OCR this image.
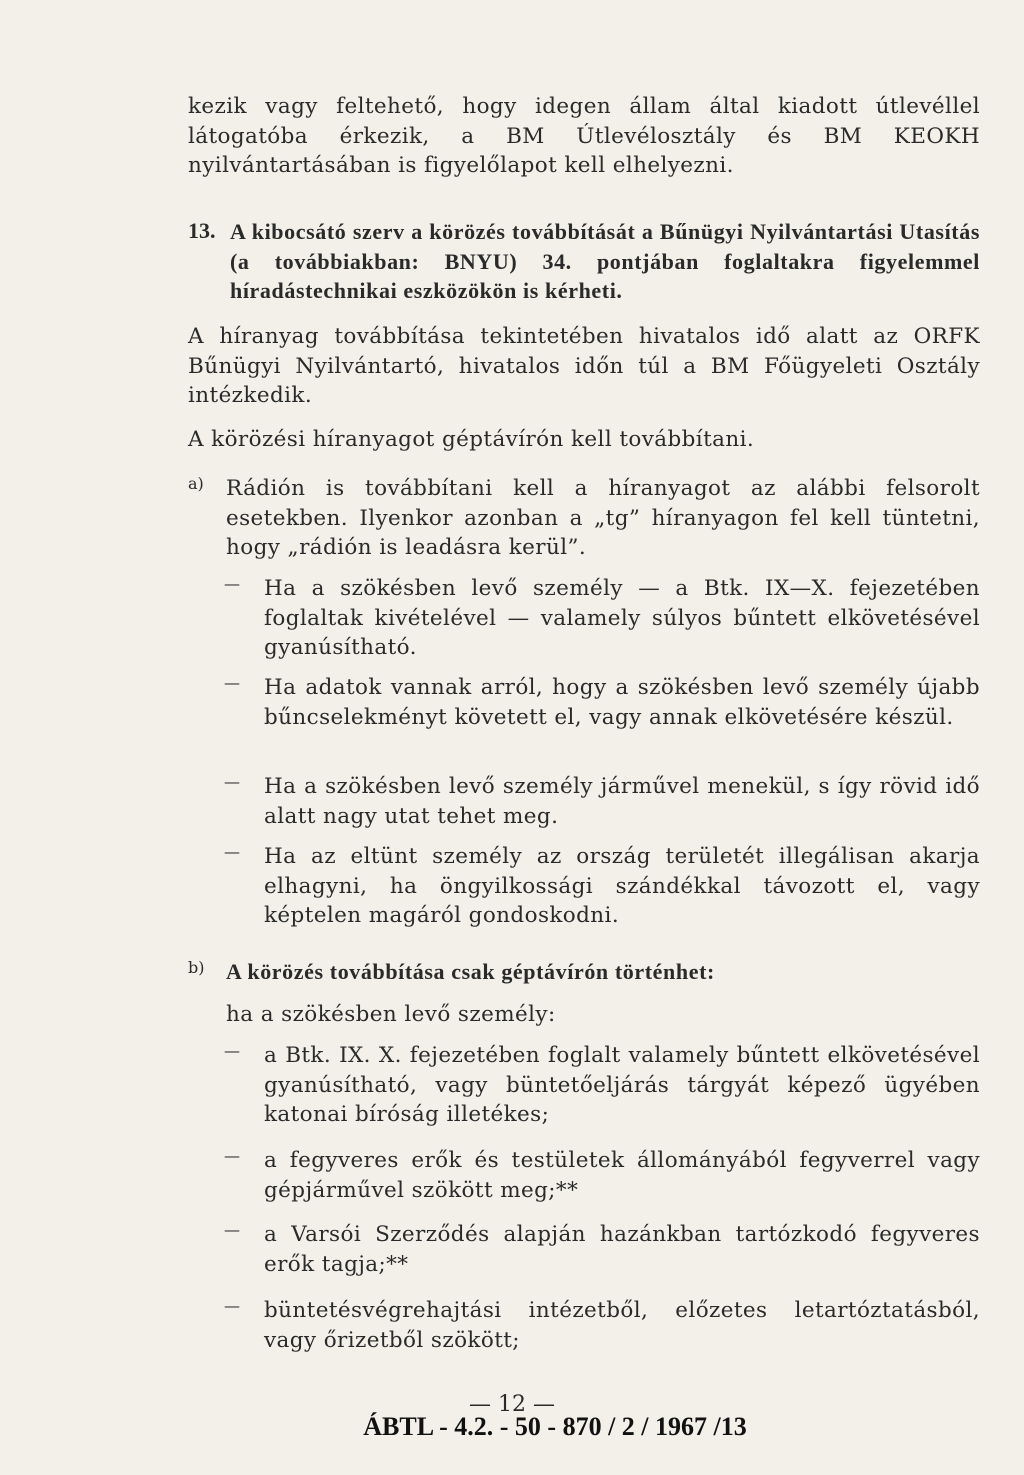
kezik vagy feltehető, hogy idegen állam által kiadott útlevéllel látogatóba érkezik, a BM Útlevélosztály és BM KEOKH nyilvántartásában is figyelőlapot kell elhelyezni.

13. A kibocsátó szerv a körözés továbbítását a Bűnügyi Nyilvántartási Utasítás (a továbbiakban: BNYU) 34. pontjában foglaltakra figyelemmel híradástechnikai eszközökön is kérheti.

A híranyag továbbítása tekintetében hivatalos idő alatt az ORFK Bűnügyi Nyilvántartó, hivatalos időn túl a BM Főügyeleti Osztály intézkedik.

A körözési híranyagot géptávírón kell továbbítani.

a) Rádión is továbbítani kell a híranyagot az alábbi felsorolt esetekben. Ilyenkor azonban a „tg” híranyagon fel kell tüntetni, hogy „rádión is leadásra kerül”.

—	Ha a szökésben levő személy — a Btk. IX—X. fejezetében foglaltak kivételével — valamely súlyos bűntett elkövetésével gyanúsítható.
—	Ha adatok vannak arról, hogy a szökésben levő személy újabb bűncselekményt követett el, vagy annak elkövetésére készül.
—	Ha a szökésben levő személy járművel menekül, s így rövid idő alatt nagy utat tehet meg.
—	Ha az eltünt személy az ország területét illegálisan akarja elhagyni, ha öngyilkossági szándékkal távozott el, vagy képtelen magáról gondoskodni.
b) A körözés továbbítása csak géptávírón történhet:

ha a szökésben levő személy:

—	a Btk. IX. X. fejezetében foglalt valamely bűntett elkövetésével gyanúsítható, vagy büntetőeljárás tárgyát képező ügyében katonai bíróság illetékes;
—	a fegyveres erők és testületek állományából fegyverrel vagy gépjárművel szökött meg;**
—	a Varsói Szerződés alapján hazánkban tartózkodó fegyveres erők tagja;**
—	büntetésvégrehajtási intézetből, előzetes letartóztatásból, vagy őrizetből szökött;
— 12 —
ÁBTL - 4.2. - 50 - 870 / 2 / 1967 /13
